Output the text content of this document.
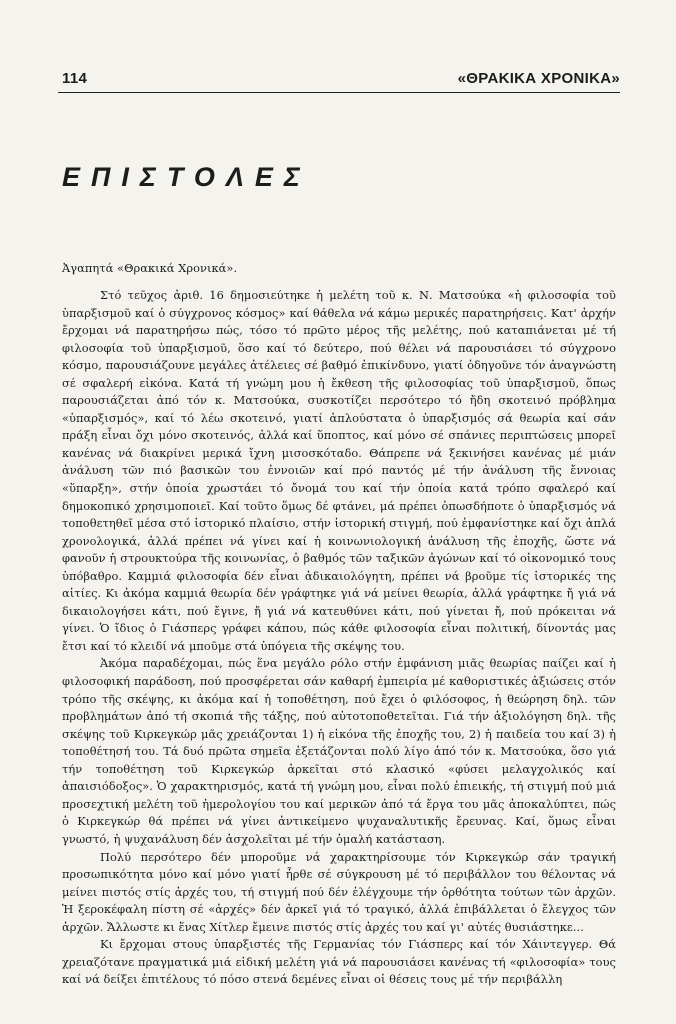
114	«ΘΡΑΚΙΚΑ ΧΡΟΝΙΚΑ»
ΕΠΙΣΤΟΛΕΣ
Ἀγαπητά «Θρακικά Χρονικά».

Στό τεῦχος ἀριθ. 16 δημοσιεύτηκε ἡ μελέτη τοῦ κ. Ν. Ματσούκα «ἡ φιλοσοφία τοῦ ὑπαρξισμοῦ καί ὁ σύγχρονος κόσμος» καί θάθελα νά κάμω μερικές παρατηρήσεις. Κατ' ἀρχήν ἔρχομαι νά παρατηρήσω πώς, τόσο τό πρῶτο μέρος τῆς μελέτης, πού καταπιάνεται μέ τή φιλοσοφία τοῦ ὑπαρξισμοῦ, ὅσο καί τό δεύτερο, πού θέλει νά παρουσιάσει τό σύγχρονο κόσμο, παρουσιάζουνε μεγάλες ἀτέλειες σέ βαθμό ἐπικίνδυνο, γιατί ὁδηγοῦνε τόν ἀναγνώστη σέ σφαλερή εἰκόνα. Κατά τή γνώμη μου ἡ ἔκθεση τῆς φιλοσοφίας τοῦ ὑπαρξισμοῦ, ὅπως παρουσιάζεται ἀπό τόν κ. Ματσούκα, συσκοτίζει περσότερο τό ἤδη σκοτεινό πρόβλημα «ὑπαρξισμός», καί τό λέω σκοτεινό, γιατί ἁπλούστατα ὁ ὑπαρξισμός σά θεωρία καί σάν πράξη εἶναι ὄχι μόνο σκοτεινός, ἀλλά καί ὕποπτος, καί μόνο σέ σπάνιες περιπτώσεις μπορεῖ κανένας νά διακρίνει μερικά ἴχνη μισοσκόταδο. Θάπρεπε νά ξεκινήσει κανένας μέ μιάν ἀνάλυση τῶν πιό βασικῶν του ἐννοιῶν καί πρό παντός μέ τήν ἀνάλυση τῆς ἔννοιας «ὕπαρξη», στήν ὁποία χρωστάει τό ὄνομά του καί τήν ὁποία κατά τρόπο σφαλερό καί δημοκοπικό χρησιμοποιεῖ. Καί τοῦτο ὅμως δέ φτάνει, μά πρέπει ὁπωσδήποτε ὁ ὑπαρξισμός νά τοποθετηθεῖ μέσα στό ἱστορικό πλαίσιο, στήν ἱστορική στιγμή, πού ἐμφανίστηκε καί ὄχι ἁπλά χρονολογικά, ἀλλά πρέπει νά γίνει καί ἡ κοινωνιολογική ἀνάλυση τῆς ἐποχῆς, ὥστε νά φανοῦν ἡ στρουκτούρα τῆς κοινωνίας, ὁ βαθμός τῶν ταξικῶν ἀγώνων καί τό οἰκονομικό τους ὑπόβαθρο. Καμμιά φιλοσοφία δέν εἶναι ἀδικαιολόγητη, πρέπει νά βροῦμε τίς ἱστορικές της αἰτίες. Κι ἀκόμα καμμιά θεωρία δέν γράφτηκε γιά νά μείνει θεωρία, ἀλλά γράφτηκε ἤ γιά νά δικαιολογήσει κάτι, πού ἔγινε, ἤ γιά νά κατευθύνει κάτι, πού γίνεται ἤ, πού πρόκειται νά γίνει. Ὁ ἴδιος ὁ Γιάσπερς γράφει κάπου, πώς κάθε φιλοσοφία εἶναι πολιτική, δίνοντάς μας ἔτσι καί τό κλειδί νά μποῦμε στά ὑπόγεια τῆς σκέψης του.

Ἀκόμα παραδέχομαι, πώς ἕνα μεγάλο ρόλο στήν ἐμφάνιση μιᾶς θεωρίας παίζει καί ἡ φιλοσοφική παράδοση, πού προσφέρεται σάν καθαρή ἐμπειρία μέ καθοριστικές ἀξιώσεις στόν τρόπο τῆς σκέψης, κι ἀκόμα καί ἡ τοποθέτηση, πού ἔχει ὁ φιλόσοφος, ἡ θεώρηση δηλ. τῶν προβλημάτων ἀπό τή σκοπιά τῆς τάξης, πού αὐτοτοποθετεῖται. Γιά τήν ἀξιολόγηση δηλ. τῆς σκέψης τοῦ Κιρκεγκώρ μᾶς χρειάζονται 1) ἡ εἰκόνα τῆς ἐποχῆς του, 2) ἡ παιδεία του καί 3) ἡ τοποθέτησή του. Τά δυό πρῶτα σημεῖα ἐξετάζονται πολύ λίγο ἀπό τόν κ. Ματσούκα, ὅσο γιά τήν τοποθέτηση τοῦ Κιρκεγκώρ ἀρκεῖται στό κλασικό «φύσει μελαγχολικός καί ἀπαισιόδοξος». Ὁ χαρακτηρισμός, κατά τή γνώμη μου, εἶναι πολύ ἐπιεικής, τή στιγμή πού μιά προσεχτική μελέτη τοῦ ἡμερολογίου του καί μερικῶν ἀπό τά ἔργα του μᾶς ἀποκαλύπτει, πώς ὁ Κιρκεγκώρ θά πρέπει νά γίνει ἀντικείμενο ψυχαναλυτικῆς ἔρευνας. Καί, ὅμως εἶναι γνωστό, ἡ ψυχανάλυση δέν ἀσχολεῖται μέ τήν ὁμαλή κατάσταση.

Πολύ περσότερο δέν μποροῦμε νά χαρακτηρίσουμε τόν Κιρκεγκώρ σάν τραγική προσωπικότητα μόνο καί μόνο γιατί ἦρθε σέ σύγκρουση μέ τό περιβάλλον του θέλοντας νά μείνει πιστός στίς ἀρχές του, τή στιγμή πού δέν ἐλέγχουμε τήν ὀρθότητα τούτων τῶν ἀρχῶν. Ἡ ξεροκέφαλη πίστη σέ «ἀρχές» δέν ἀρκεῖ γιά τό τραγικό, ἀλλά ἐπιβάλλεται ὁ ἔλεγχος τῶν ἀρχῶν. Ἄλλωστε κι ἕνας Χίτλερ ἔμεινε πιστός στίς ἀρχές του καί γι' αὐτές θυσιάστηκε...

Κι ἔρχομαι στους ὑπαρξιστές τῆς Γερμανίας τόν Γιάσπερς καί τόν Χάιντεγγερ. Θά χρειαζότανε πραγματικά μιά εἰδική μελέτη γιά νά παρουσιάσει κανένας τή «φιλοσοφία» τους καί νά δείξει ἐπιτέλους τό πόσο στενά δεμένες εἶναι οἱ θέσεις τους μέ τήν περιβάλλη
